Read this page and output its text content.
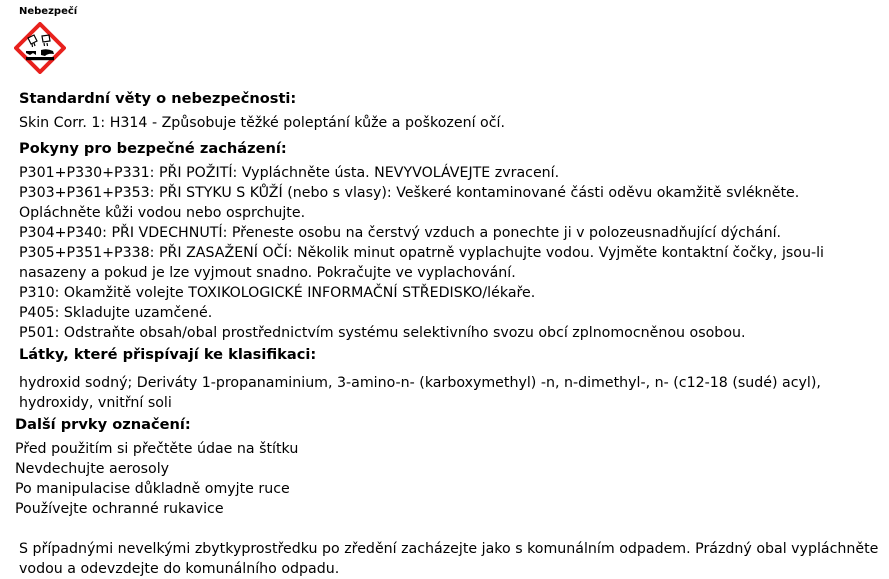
Nebezpečí
Standardní věty o nebezpečnosti:
Skin Corr. 1: H314 - Způsobuje těžké poleptání kůže a poškození očí.
Pokyny pro bezpečné zacházení:
P301+P330+P331: PŘI POŽITÍ: Vypláchněte ústa. NEVYVOLÁVEJTE zvracení.
P303+P361+P353: PŘI STYKU S KŮŽÍ (nebo s vlasy): Veškeré kontaminované části oděvu okamžitě svlékněte. Opláchněte kůži vodou nebo osprchujte.
P304+P340: PŘI VDECHNUTÍ: Přeneste osobu na čerstvý vzduch a ponechte ji v polozeusnadňující dýchání.
P305+P351+P338: PŘI ZASAŽENÍ OČÍ: Několik minut opatrně vyplachujte vodou. Vyjměte kontaktní čočky, jsou-li nasazeny a pokud je lze vyjmout snadno. Pokračujte ve vyplachování.
P310: Okamžitě volejte TOXIKOLOGICKÉ INFORMAČNÍ STŘEDISKO/lékaře.
P405: Skladujte uzamčené.
P501: Odstraňte obsah/obal prostřednictvím systému selektivního svozu obcí zplnomocněnou osobou.
Látky, které přispívají ke klasifikaci:
hydroxid sodný; Deriváty 1-propanaminium, 3-amino-n- (karboxymethyl) -n, n-dimethyl-, n- (c12-18 (sudé) acyl), hydroxidy, vnitřní soli
Další prvky označení:
Před použitím si přečtěte údae na štítku
Nevdechujte aerosoly
Po manipulacise důkladně omyjte ruce
Používejte ochranné rukavice
S případnými nevelkými zbytkyprostředku po zředění zacházejte jako s komunálním odpadem. Prázdný obal vypláchněte vodou a odevzdejte do komunálního odpadu.
